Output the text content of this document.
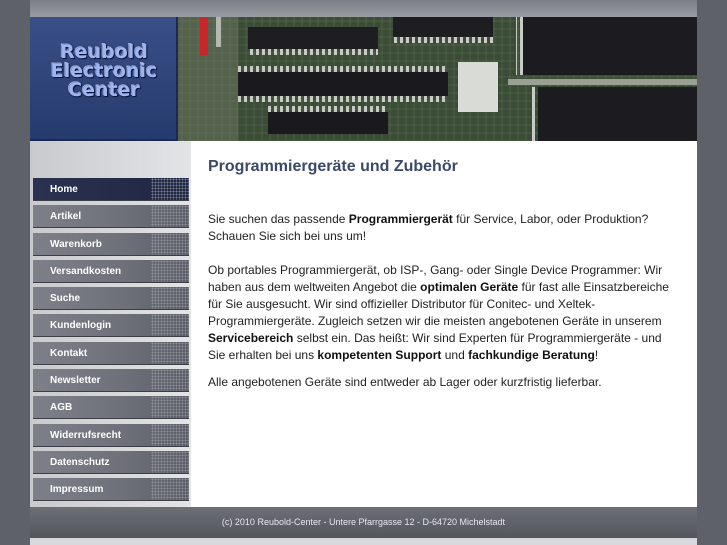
Reubold
Electronic
Center
Home
Artikel
Warenkorb
Versandkosten
Suche
Kundenlogin
Kontakt
Newsletter
AGB
Widerrufsrecht
Datenschutz
Impressum
Programmiergeräte und Zubehör

Sie suchen das passende Programmiergerät für Service, Labor, oder Produktion? Schauen Sie sich bei uns um!

Ob portables Programmiergerät, ob ISP-, Gang- oder Single Device Programmer: Wir haben aus dem weltweiten Angebot die optimalen Geräte für fast alle Einsatzbereiche für Sie ausgesucht. Wir sind offizieller Distributor für Conitec- und Xeltek-Programmiergeräte. Zugleich setzen wir die meisten angebotenen Geräte in unserem Servicebereich selbst ein. Das heißt: Wir sind Experten für Programmiergeräte - und Sie erhalten bei uns kompetenten Support und fachkundige Beratung!

Alle angebotenen Geräte sind entweder ab Lager oder kurzfristig lieferbar.

(c) 2010 Reubold-Center - Untere Pfarrgasse 12 - D-64720 Michelstadt
